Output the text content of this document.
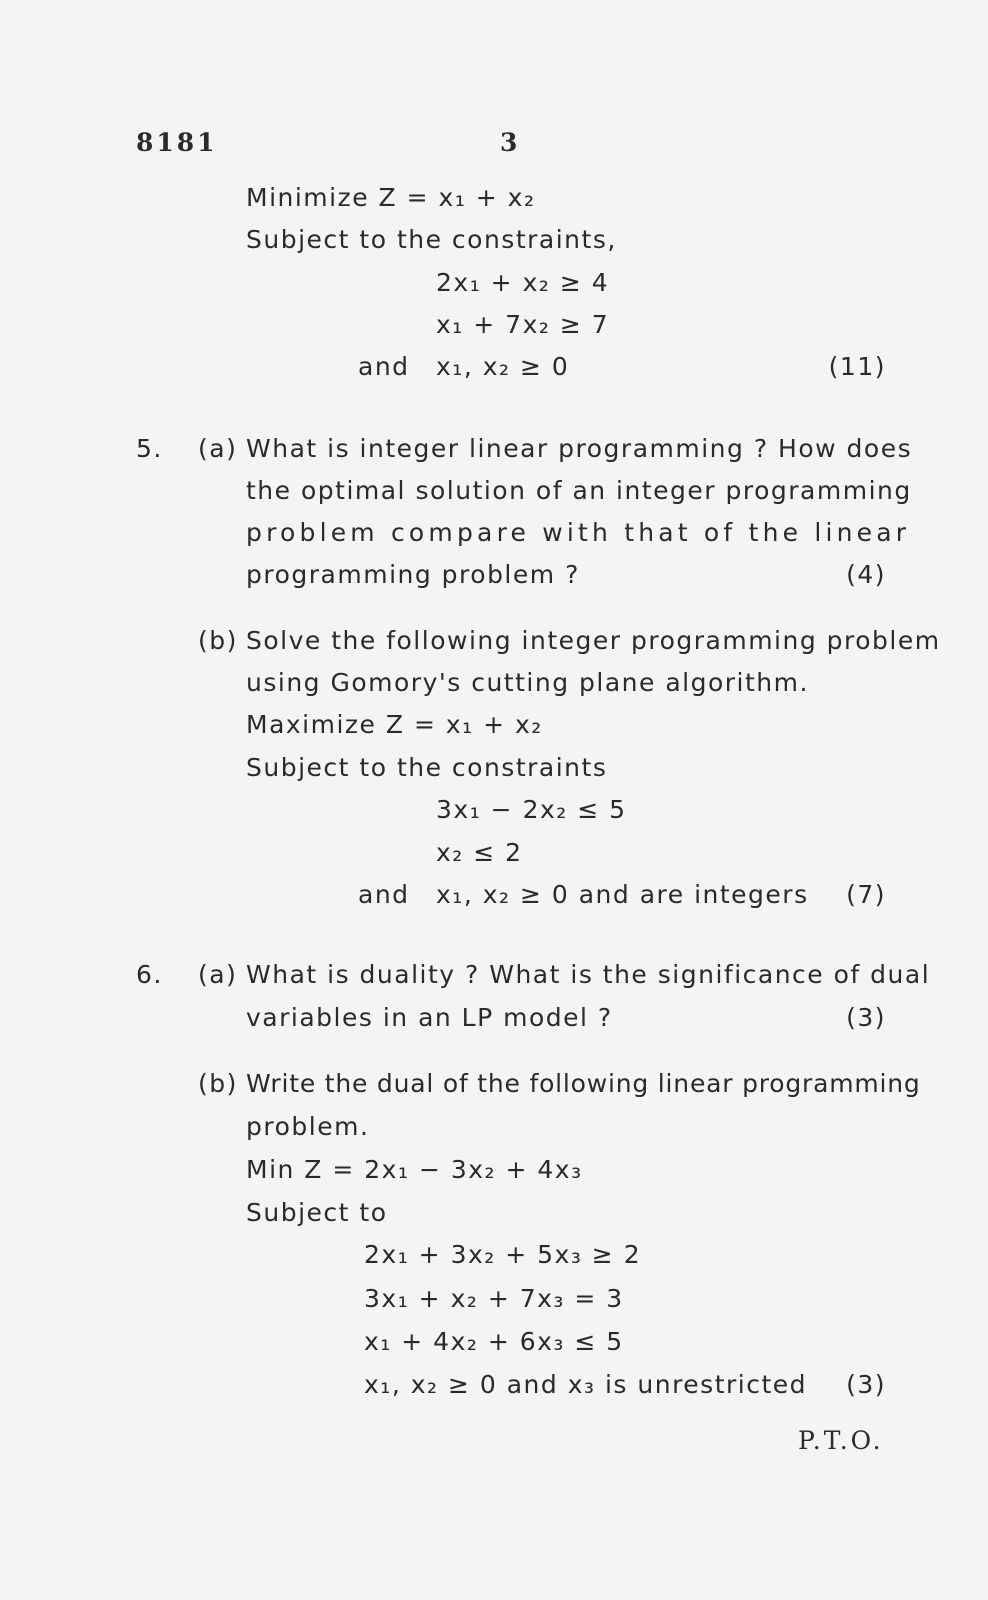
8181	3
Minimize Z = x₁ + x₂
Subject to the constraints,
2x₁ + x₂ ≥ 4
x₁ + 7x₂ ≥ 7
and x₁, x₂ ≥ 0	(11)
5. (a) What is integer linear programming ? How does
the optimal solution of an integer programming
problem compare with that of the linear
programming problem ?	(4)
(b) Solve the following integer programming problem
using Gomory's cutting plane algorithm.
Maximize Z = x₁ + x₂
Subject to the constraints
3x₁ − 2x₂ ≤ 5
x₂ ≤ 2
and x₁, x₂ ≥ 0 and are integers	(7)
6. (a) What is duality ? What is the significance of dual
variables in an LP model ?	(3)
(b) Write the dual of the following linear programming
problem.
Min Z = 2x₁ − 3x₂ + 4x₃
Subject to
2x₁ + 3x₂ + 5x₃ ≥ 2
3x₁ + x₂ + 7x₃ = 3
x₁ + 4x₂ + 6x₃ ≤ 5
x₁, x₂ ≥ 0 and x₃ is unrestricted	(3)
P.T.O.
